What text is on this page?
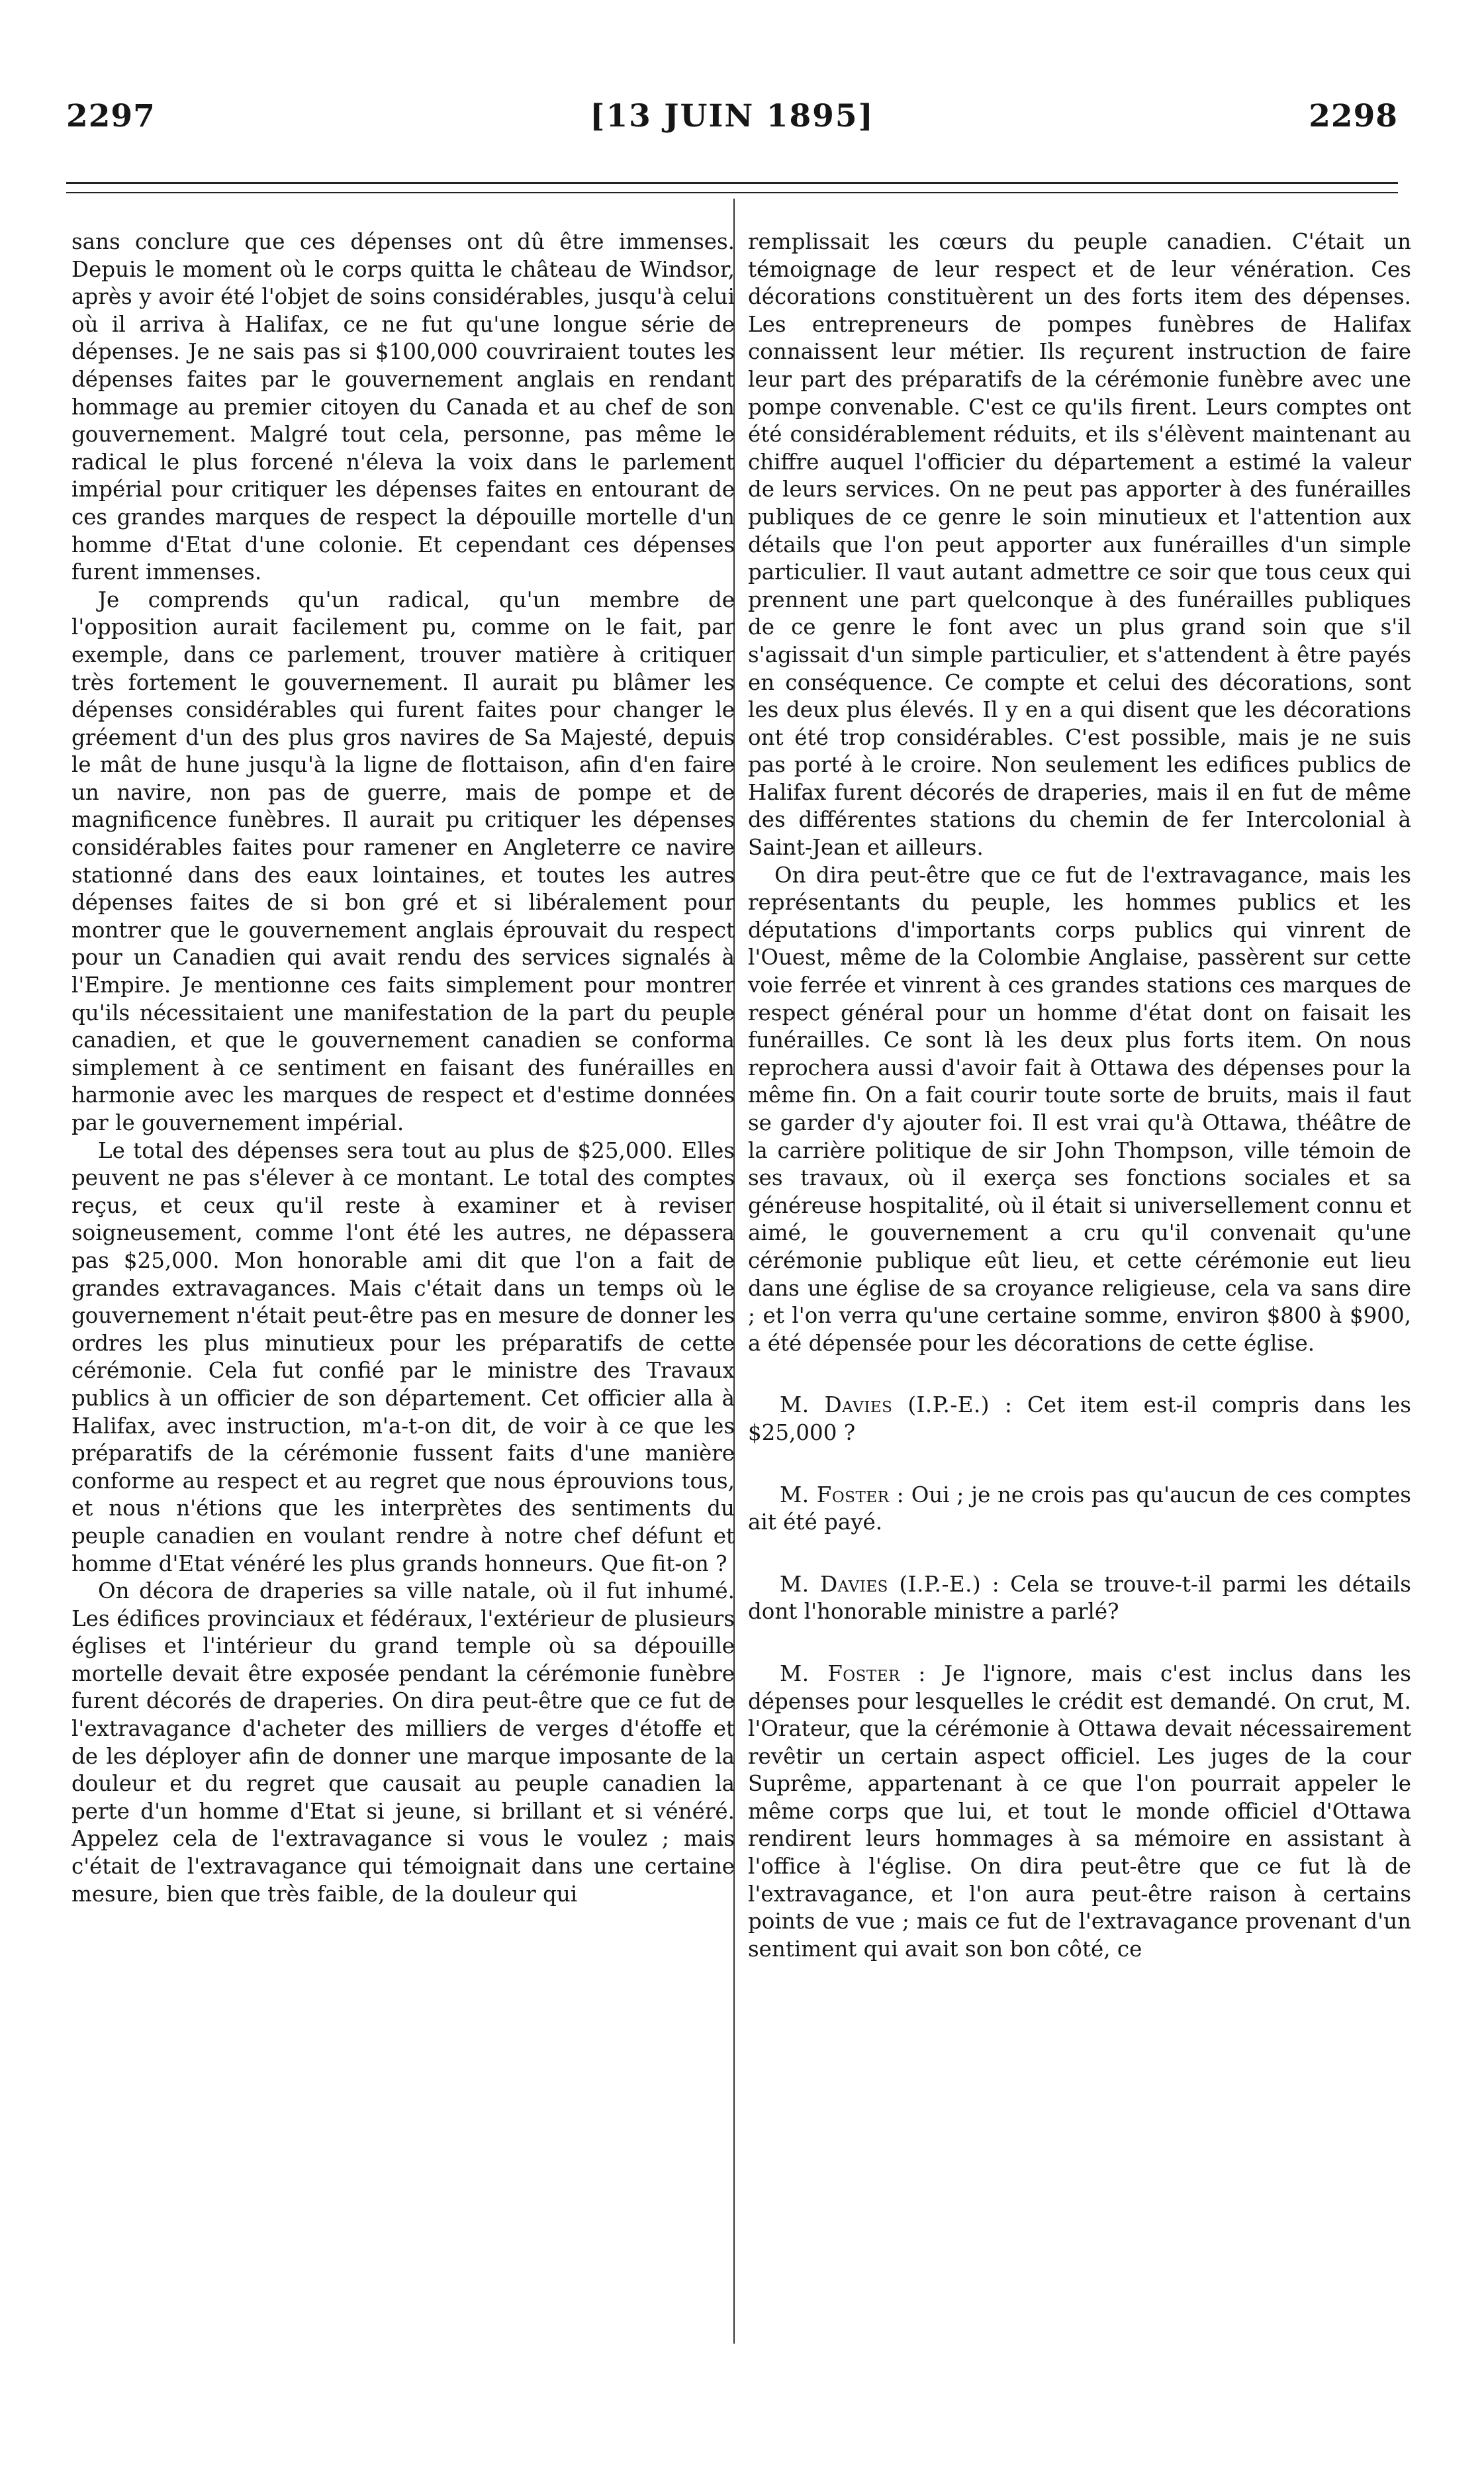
2297	[13 JUIN 1895]	2298

sans conclure que ces dépenses ont dû être immenses. Depuis le moment où le corps quitta le château de Windsor, après y avoir été l'objet de soins considérables, jusqu'à celui où il arriva à Halifax, ce ne fut qu'une longue série de dépenses. Je ne sais pas si $100,000 couvriraient toutes les dépenses faites par le gouvernement anglais en rendant hommage au premier citoyen du Canada et au chef de son gouvernement. Malgré tout cela, personne, pas même le radical le plus forcené n'éleva la voix dans le parlement impérial pour critiquer les dépenses faites en entourant de ces grandes marques de respect la dépouille mortelle d'un homme d'Etat d'une colonie. Et cependant ces dépenses furent immenses.

Je comprends qu'un radical, qu'un membre de l'opposition aurait facilement pu, comme on le fait, par exemple, dans ce parlement, trouver matière à critiquer très fortement le gouvernement. Il aurait pu blâmer les dépenses considérables qui furent faites pour changer le gréement d'un des plus gros navires de Sa Majesté, depuis le mât de hune jusqu'à la ligne de flottaison, afin d'en faire un navire, non pas de guerre, mais de pompe et de magnificence funèbres. Il aurait pu critiquer les dépenses considérables faites pour ramener en Angleterre ce navire stationné dans des eaux lointaines, et toutes les autres dépenses faites de si bon gré et si libéralement pour montrer que le gouvernement anglais éprouvait du respect pour un Canadien qui avait rendu des services signalés à l'Empire. Je mentionne ces faits simplement pour montrer qu'ils nécessitaient une manifestation de la part du peuple canadien, et que le gouvernement canadien se conforma simplement à ce sentiment en faisant des funérailles en harmonie avec les marques de respect et d'estime données par le gouvernement impérial.

Le total des dépenses sera tout au plus de $25,000. Elles peuvent ne pas s'élever à ce montant. Le total des comptes reçus, et ceux qu'il reste à examiner et à reviser soigneusement, comme l'ont été les autres, ne dépassera pas $25,000. Mon honorable ami dit que l'on a fait de grandes extravagances. Mais c'était dans un temps où le gouvernement n'était peut-être pas en mesure de donner les ordres les plus minutieux pour les préparatifs de cette cérémonie. Cela fut confié par le ministre des Travaux publics à un officier de son département. Cet officier alla à Halifax, avec instruction, m'a-t-on dit, de voir à ce que les préparatifs de la cérémonie fussent faits d'une manière conforme au respect et au regret que nous éprouvions tous, et nous n'étions que les interprètes des sentiments du peuple canadien en voulant rendre à notre chef défunt et homme d'Etat vénéré les plus grands honneurs. Que fit-on ?

On décora de draperies sa ville natale, où il fut inhumé. Les édifices provinciaux et fédéraux, l'extérieur de plusieurs églises et l'intérieur du grand temple où sa dépouille mortelle devait être exposée pendant la cérémonie funèbre furent décorés de draperies. On dira peut-être que ce fut de l'extravagance d'acheter des milliers de verges d'étoffe et de les déployer afin de donner une marque imposante de la douleur et du regret que causait au peuple canadien la perte d'un homme d'Etat si jeune, si brillant et si vénéré. Appelez cela de l'extravagance si vous le voulez ; mais c'était de l'extravagance qui témoignait dans une certaine mesure, bien que très faible, de la douleur qui

remplissait les cœurs du peuple canadien. C'était un témoignage de leur respect et de leur vénération. Ces décorations constituèrent un des forts item des dépenses. Les entrepreneurs de pompes funèbres de Halifax connaissent leur métier. Ils reçurent instruction de faire leur part des préparatifs de la cérémonie funèbre avec une pompe convenable. C'est ce qu'ils firent. Leurs comptes ont été considérablement réduits, et ils s'élèvent maintenant au chiffre auquel l'officier du département a estimé la valeur de leurs services. On ne peut pas apporter à des funérailles publiques de ce genre le soin minutieux et l'attention aux détails que l'on peut apporter aux funérailles d'un simple particulier. Il vaut autant admettre ce soir que tous ceux qui prennent une part quelconque à des funérailles publiques de ce genre le font avec un plus grand soin que s'il s'agissait d'un simple particulier, et s'attendent à être payés en conséquence. Ce compte et celui des décorations, sont les deux plus élevés. Il y en a qui disent que les décorations ont été trop considérables. C'est possible, mais je ne suis pas porté à le croire. Non seulement les edifices publics de Halifax furent décorés de draperies, mais il en fut de même des différentes stations du chemin de fer Intercolonial à Saint-Jean et ailleurs.

On dira peut-être que ce fut de l'extravagance, mais les représentants du peuple, les hommes publics et les députations d'importants corps publics qui vinrent de l'Ouest, même de la Colombie Anglaise, passèrent sur cette voie ferrée et vinrent à ces grandes stations ces marques de respect général pour un homme d'état dont on faisait les funérailles. Ce sont là les deux plus forts item. On nous reprochera aussi d'avoir fait à Ottawa des dépenses pour la même fin. On a fait courir toute sorte de bruits, mais il faut se garder d'y ajouter foi. Il est vrai qu'à Ottawa, théâtre de la carrière politique de sir John Thompson, ville témoin de ses travaux, où il exerça ses fonctions sociales et sa généreuse hospitalité, où il était si universellement connu et aimé, le gouvernement a cru qu'il convenait qu'une cérémonie publique eût lieu, et cette cérémonie eut lieu dans une église de sa croyance religieuse, cela va sans dire ; et l'on verra qu'une certaine somme, environ $800 à $900, a été dépensée pour les décorations de cette église.

M. Davies (I.P.-E.) : Cet item est-il compris dans les $25,000 ?

M. Foster : Oui ; je ne crois pas qu'aucun de ces comptes ait été payé.

M. Davies (I.P.-E.) : Cela se trouve-t-il parmi les détails dont l'honorable ministre a parlé?

M. Foster : Je l'ignore, mais c'est inclus dans les dépenses pour lesquelles le crédit est demandé. On crut, M. l'Orateur, que la cérémonie à Ottawa devait nécessairement revêtir un certain aspect officiel. Les juges de la cour Suprême, appartenant à ce que l'on pourrait appeler le même corps que lui, et tout le monde officiel d'Ottawa rendirent leurs hommages à sa mémoire en assistant à l'office à l'église. On dira peut-être que ce fut là de l'extravagance, et l'on aura peut-être raison à certains points de vue ; mais ce fut de l'extravagance provenant d'un sentiment qui avait son bon côté, ce
